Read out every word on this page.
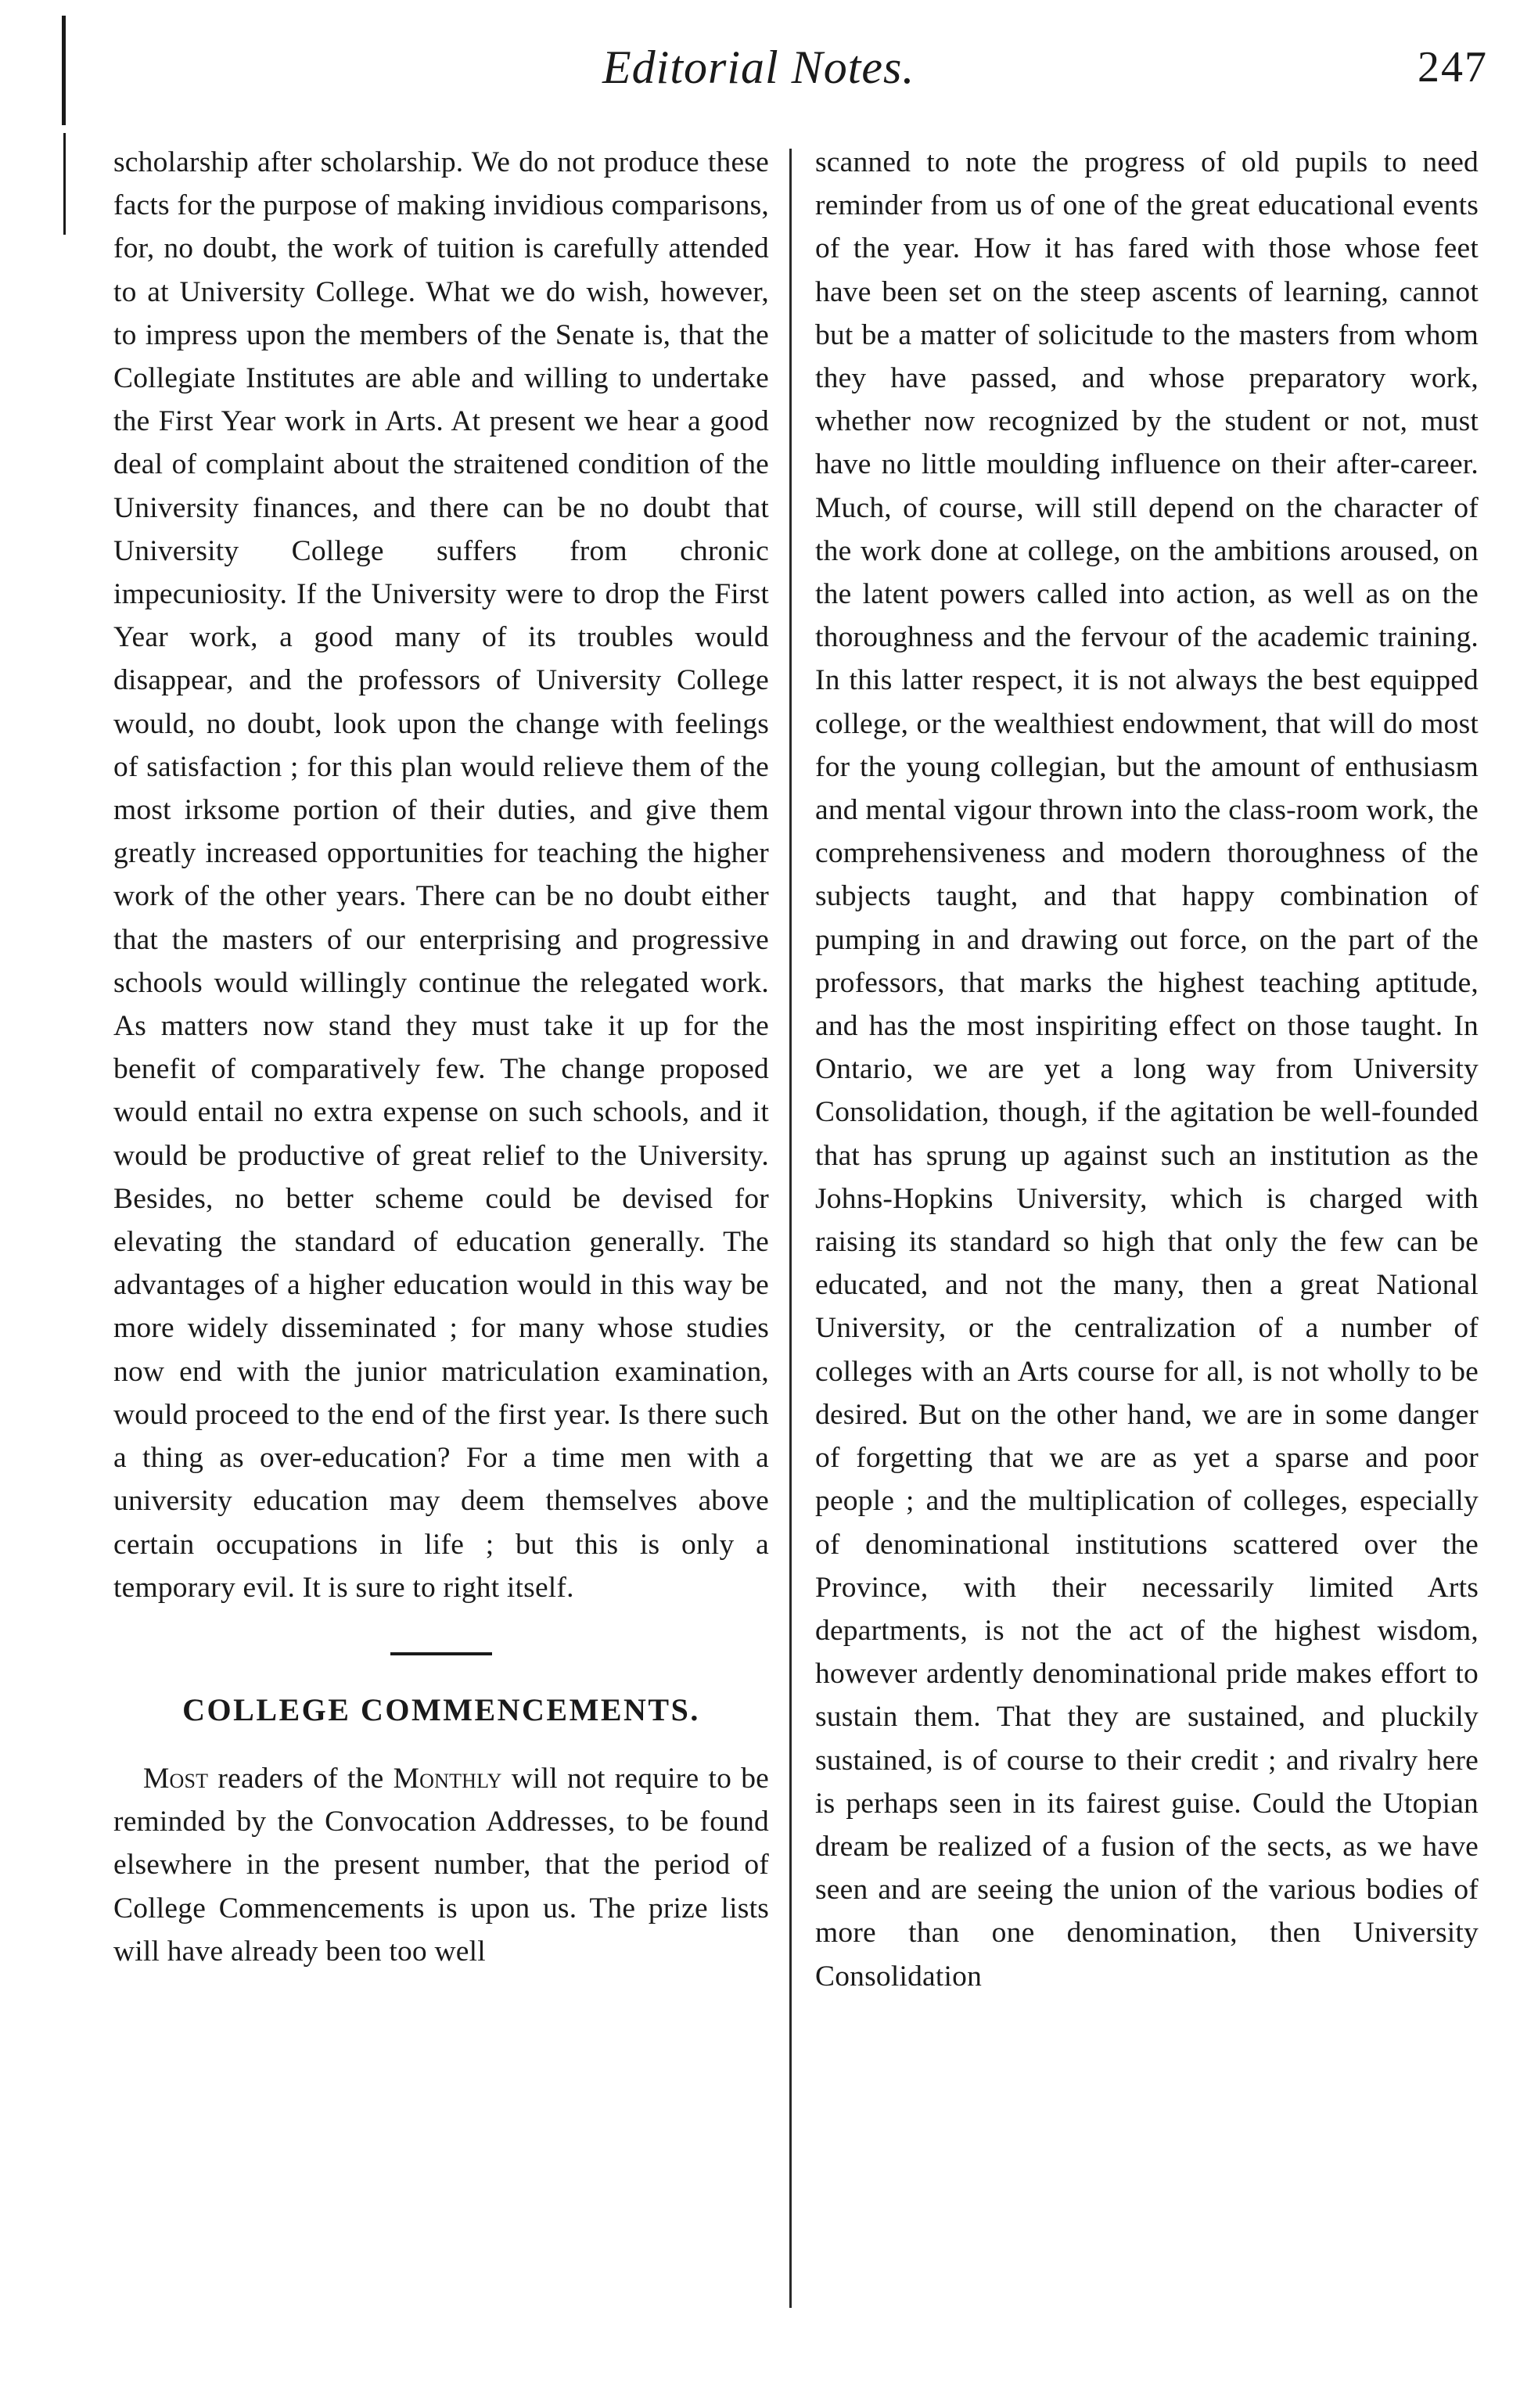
Editorial Notes.	247

scholarship after scholarship. We do not produce these facts for the purpose of making invidious comparisons, for, no doubt, the work of tuition is carefully attended to at University College. What we do wish, however, to impress upon the members of the Senate is, that the Collegiate Institutes are able and willing to undertake the First Year work in Arts. At present we hear a good deal of complaint about the straitened condition of the University finances, and there can be no doubt that University College suffers from chronic impecuniosity. If the University were to drop the First Year work, a good many of its troubles would disappear, and the professors of University College would, no doubt, look upon the change with feelings of satisfaction ; for this plan would relieve them of the most irksome portion of their duties, and give them greatly increased opportunities for teaching the higher work of the other years. There can be no doubt either that the masters of our enterprising and progressive schools would willingly continue the relegated work. As matters now stand they must take it up for the benefit of comparatively few. The change proposed would entail no extra expense on such schools, and it would be productive of great relief to the University. Besides, no better scheme could be devised for elevating the standard of education generally. The advantages of a higher education would in this way be more widely disseminated ; for many whose studies now end with the junior matriculation examination, would proceed to the end of the first year. Is there such a thing as over-education? For a time men with a university education may deem themselves above certain occupations in life ; but this is only a temporary evil. It is sure to right itself.

COLLEGE COMMENCEMENTS.

Most readers of the Monthly will not require to be reminded by the Convocation Addresses, to be found elsewhere in the present number, that the period of College Commencements is upon us. The prize lists will have already been too well

scanned to note the progress of old pupils to need reminder from us of one of the great educational events of the year. How it has fared with those whose feet have been set on the steep ascents of learning, cannot but be a matter of solicitude to the masters from whom they have passed, and whose preparatory work, whether now recognized by the student or not, must have no little moulding influence on their after-career. Much, of course, will still depend on the character of the work done at college, on the ambitions aroused, on the latent powers called into action, as well as on the thoroughness and the fervour of the academic training. In this latter respect, it is not always the best equipped college, or the wealthiest endowment, that will do most for the young collegian, but the amount of enthusiasm and mental vigour thrown into the class-room work, the comprehensiveness and modern thoroughness of the subjects taught, and that happy combination of pumping in and drawing out force, on the part of the professors, that marks the highest teaching aptitude, and has the most inspiriting effect on those taught. In Ontario, we are yet a long way from University Consolidation, though, if the agitation be well-founded that has sprung up against such an institution as the Johns-Hopkins University, which is charged with raising its standard so high that only the few can be educated, and not the many, then a great National University, or the centralization of a number of colleges with an Arts course for all, is not wholly to be desired. But on the other hand, we are in some danger of forgetting that we are as yet a sparse and poor people ; and the multiplication of colleges, especially of denominational institutions scattered over the Province, with their necessarily limited Arts departments, is not the act of the highest wisdom, however ardently denominational pride makes effort to sustain them. That they are sustained, and pluckily sustained, is of course to their credit ; and rivalry here is perhaps seen in its fairest guise. Could the Utopian dream be realized of a fusion of the sects, as we have seen and are seeing the union of the various bodies of more than one denomination, then University Consolidation
